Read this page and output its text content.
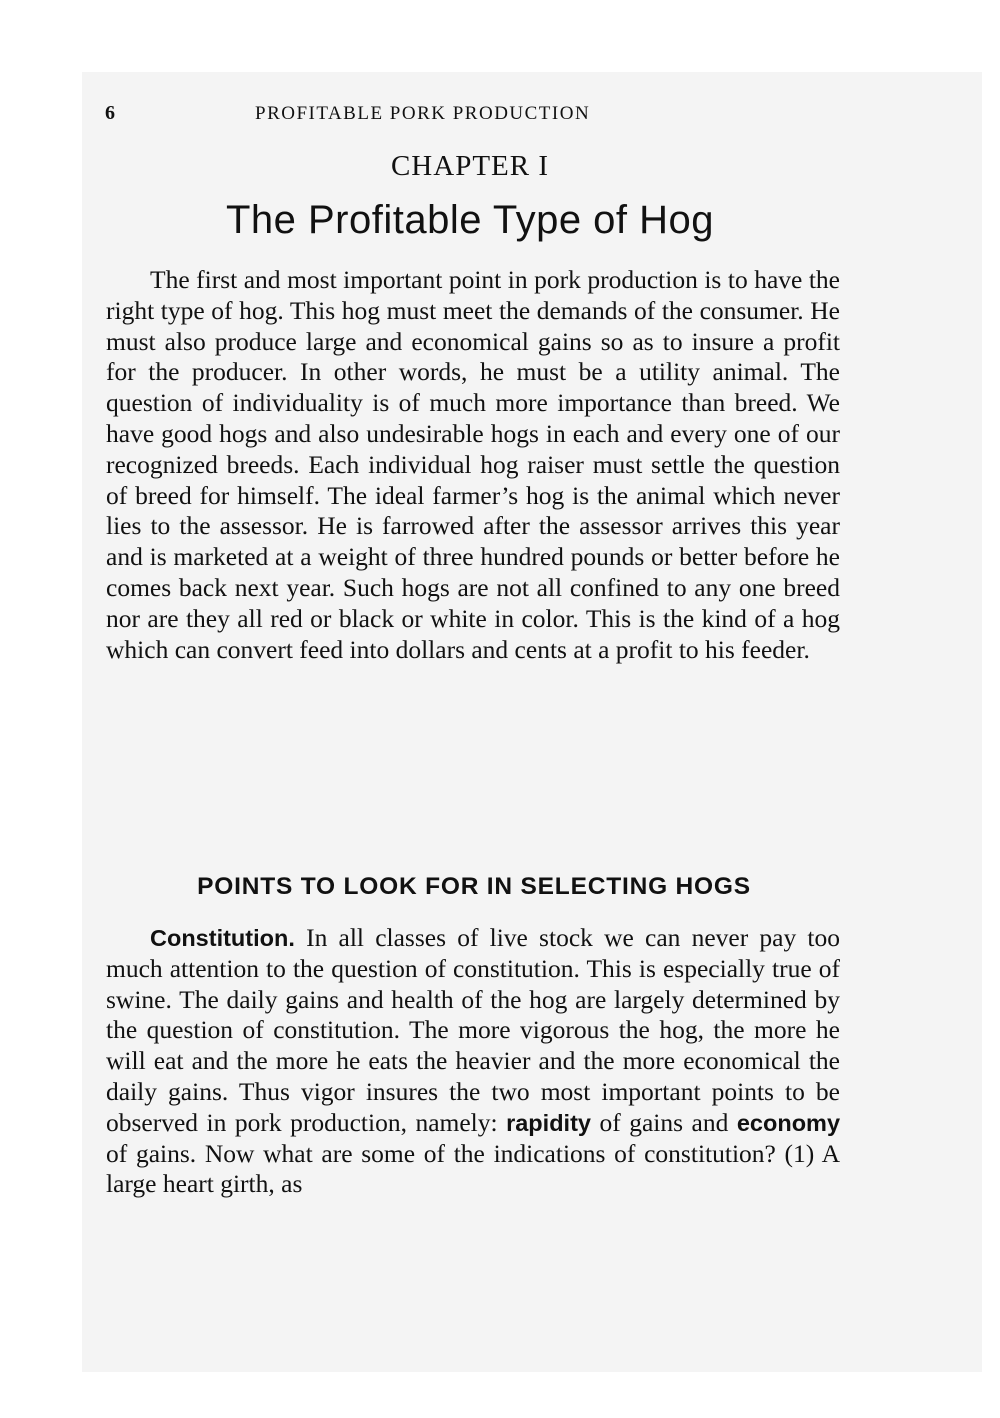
6	PROFITABLE PORK PRODUCTION
CHAPTER I
The Profitable Type of Hog

The first and most important point in pork production is to have the right type of hog. This hog must meet the demands of the consumer. He must also produce large and economical gains so as to insure a profit for the producer. In other words, he must be a utility animal. The question of individuality is of much more importance than breed. We have good hogs and also undesirable hogs in each and every one of our recognized breeds. Each individual hog raiser must settle the question of breed for himself. The ideal farmer’s hog is the animal which never lies to the assessor. He is farrowed after the assessor arrives this year and is marketed at a weight of three hundred pounds or better before he comes back next year. Such hogs are not all confined to any one breed nor are they all red or black or white in color. This is the kind of a hog which can convert feed into dollars and cents at a profit to his feeder.

POINTS TO LOOK FOR IN SELECTING HOGS

Constitution. In all classes of live stock we can never pay too much attention to the question of constitution. This is especially true of swine. The daily gains and health of the hog are largely determined by the question of constitution. The more vigorous the hog, the more he will eat and the more he eats the heavier and the more economical the daily gains. Thus vigor insures the two most important points to be observed in pork production, namely: rapidity of gains and economy of gains. Now what are some of the indications of constitution? (1) A large heart girth, as
